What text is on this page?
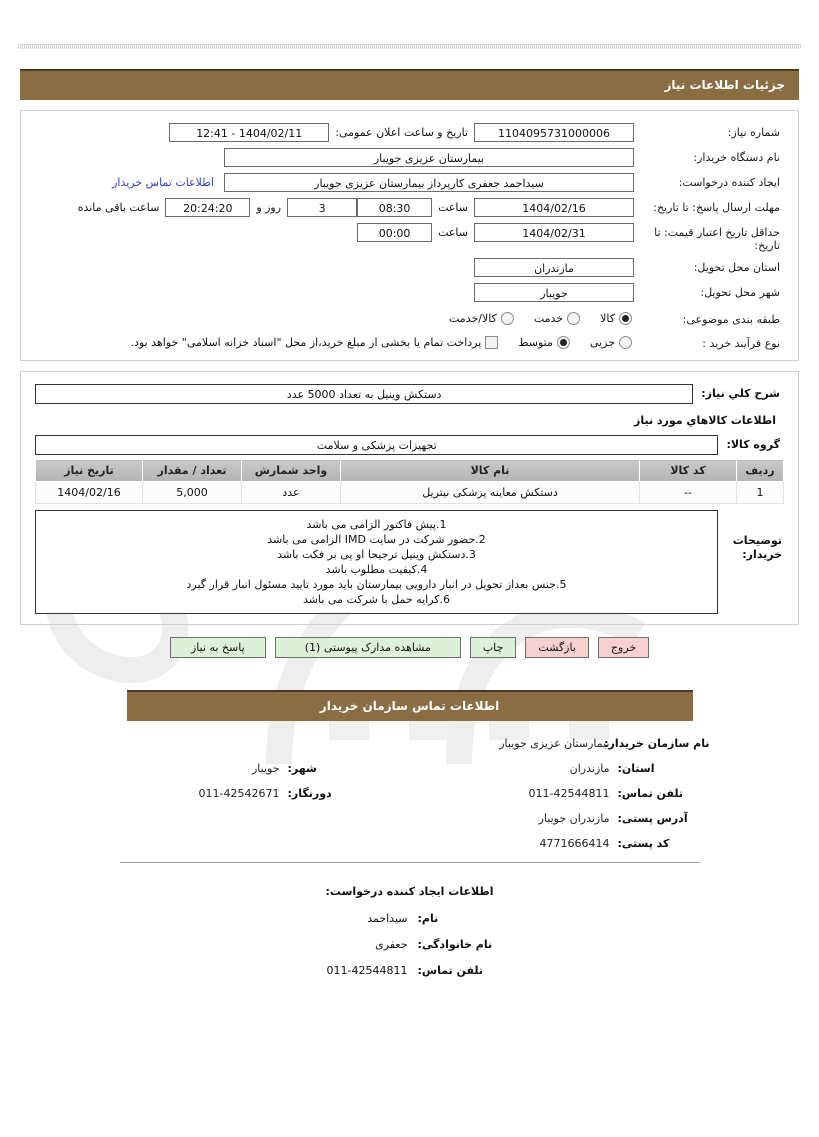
جزئیات اطلاعات نیاز
شماره نیاز:
1104095731000006
تاریخ و ساعت اعلان عمومی:
1404/02/11 - 12:41
نام دستگاه خریدار:
بیمارستان عزیزی جویبار
ایجاد کننده درخواست:
سیداحمد جعفری کارپرداز بیمارستان عزیزی جویبار
اطلاعات تماس خریدار
مهلت ارسال پاسخ: تا تاریخ:
1404/02/16
ساعت
08:30
3
روز و
20:24:20
ساعت باقی مانده
حداقل تاریخ اعتبار قیمت: تا تاریخ:
1404/02/31
ساعت
00:00
استان محل تحویل:
مازندران
شهر محل تحویل:
جویبار
طبقه بندی موضوعی:
کالا
خدمت
کالا/خدمت
نوع فرآیند خرید :
جزیی
متوسط
پرداخت تمام یا بخشی از مبلغ خرید،از محل "اسناد خزانه اسلامی" خواهد بود.
شرح كلي نياز:
دستکش وینیل به تعداد 5000 عدد
اطلاعات كالاهاي مورد نياز
گروه كالا:
تجهیزات پزشکی و سلامت
ردیف	کد کالا	نام کالا	واحد شمارش	تعداد / مقدار	تاریخ نیاز
1	--	دستکش معاینه پزشکی نیتریل	عدد	5,000	1404/02/16
توضیحات خریدار:
1.پیش فاکتور الزامی می باشد
2.حضور شرکت در سایت IMD الزامی می باشد
3.دستکش وینیل ترجیحا او پی بر فکت باشد
4.کیفیت مطلوب باشد
5.جنس بعداز تحویل در انبار دارویی بیمارستان باید مورد تایید مسئول انبار قرار گیرد
6.کرایه حمل با شرکت می باشد
خروج
بازگشت
چاپ
مشاهده مدارک پیوستی (1)
پاسخ به نیاز
اطلاعات تماس سازمان خریدار
نام سازمان خریدار:
بیمارستان عزیزی جویبار
استان:
مازندران
شهر:
جویبار
تلفن تماس:
011-42544811
دورنگار:
011-42542671
آدرس پستی:
مازندران جویبار
کد پستی:
4771666414
اطلاعات ایجاد کننده درخواست:
نام:
سیداحمد
نام خانوادگی:
جعفری
تلفن تماس:
011-42544811
